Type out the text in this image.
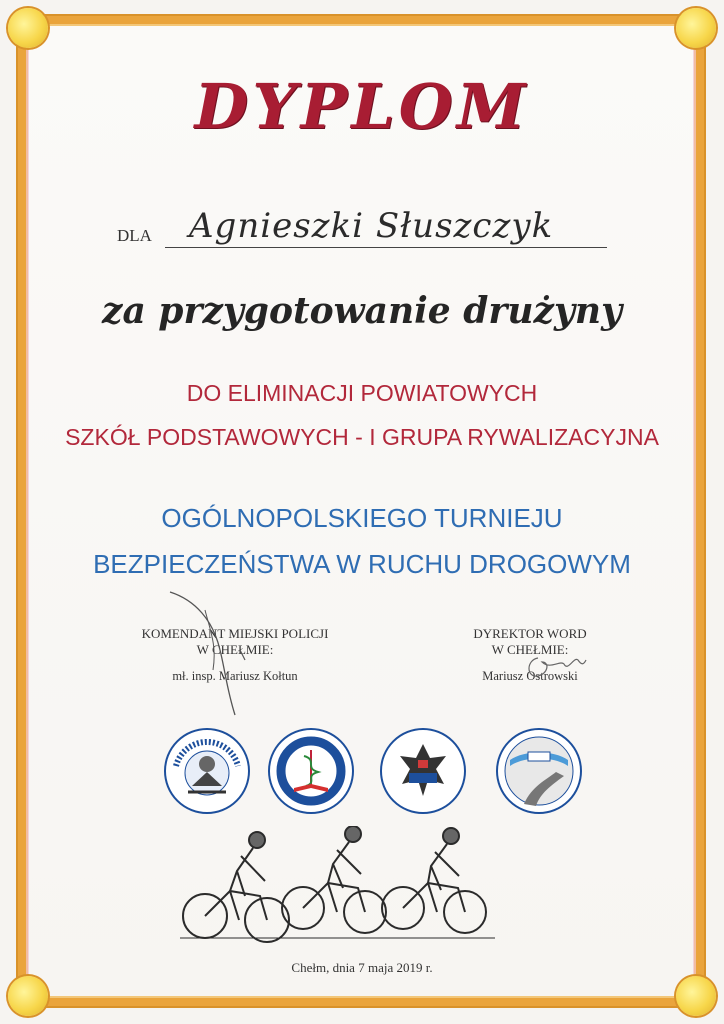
DYPLOM
DLA Agnieszki Słuszczyk
za przygotowanie drużyny
DO ELIMINACJI POWIATOWYCH
SZKÓŁ PODSTAWOWYCH - I GRUPA RYWALIZACYJNA
OGÓLNOPOLSKIEGO TURNIEJU
BEZPIECZEŃSTWA W RUCHU DROGOWYM
KOMENDANT MIEJSKI POLICJI
W CHEŁMIE:
mł. insp. Mariusz Kołtun
DYREKTOR WORD
W CHEŁMIE:
Mariusz Ostrowski
Chełm, dnia 7 maja 2019 r.
